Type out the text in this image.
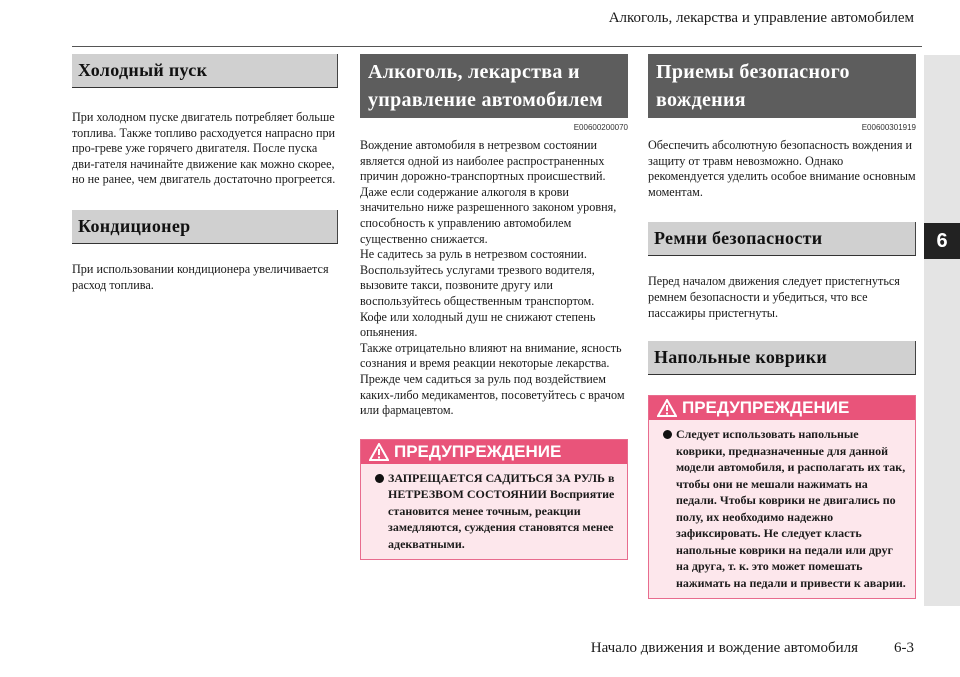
Алкоголь, лекарства и управление автомобилем
6
Холодный пуск

При холодном пуске двигатель потребляет больше топлива. Также топливо расходуется напрасно при про-греве уже горячего двигателя. После пуска дви-гателя начинайте движение как можно скорее, но не ранее, чем двигатель достаточно прогреется.

Кондиционер

При использовании кондиционера увеличивается расход топлива.

Алкоголь, лекарства и управление автомобилем
E00600200070

Вождение автомобиля в нетрезвом состоянии является одной из наиболее распространенных причин дорожно-транспортных происшествий. Даже если содержание алкоголя в крови значительно ниже разрешенного законом уровня, способность к управлению автомобилем существенно снижается.

Не садитесь за руль в нетрезвом состоянии. Воспользуйтесь услугами трезвого водителя, вызовите такси, позвоните другу или воспользуйтесь общественным транспортом.

Кофе или холодный душ не снижают степень опьянения.

Также отрицательно влияют на внимание, ясность сознания и время реакции некоторые лекарства. Прежде чем садиться за руль под воздействием каких-либо медикаментов, посоветуйтесь с врачом или фармацевтом.

ПРЕДУПРЕЖДЕНИЕ
ЗАПРЕЩАЕТСЯ САДИТЬСЯ ЗА РУЛЬ в НЕТРЕЗВОМ СОСТОЯНИИ Восприятие становится менее точным, реакции замедляются, суждения становятся менее адекватными.
Приемы безопасного вождения
E00600301919

Обеспечить абсолютную безопасность вождения и защиту от травм невозможно. Однако рекомендуется уделить особое внимание основным моментам.

Ремни безопасности

Перед началом движения следует пристегнуться ремнем безопасности и убедиться, что все пассажиры пристегнуты.

Напольные коврики
ПРЕДУПРЕЖДЕНИЕ
Следует использовать напольные коврики, предназначенные для данной модели автомобиля, и располагать их так, чтобы они не мешали нажимать на педали. Чтобы коврики не двигались по полу, их необходимо надежно зафиксировать. Не следует класть напольные коврики на педали или друг на друга, т. к. это может помешать нажимать на педали и привести к аварии.
Начало движения и вождение автомобиля 6-3
